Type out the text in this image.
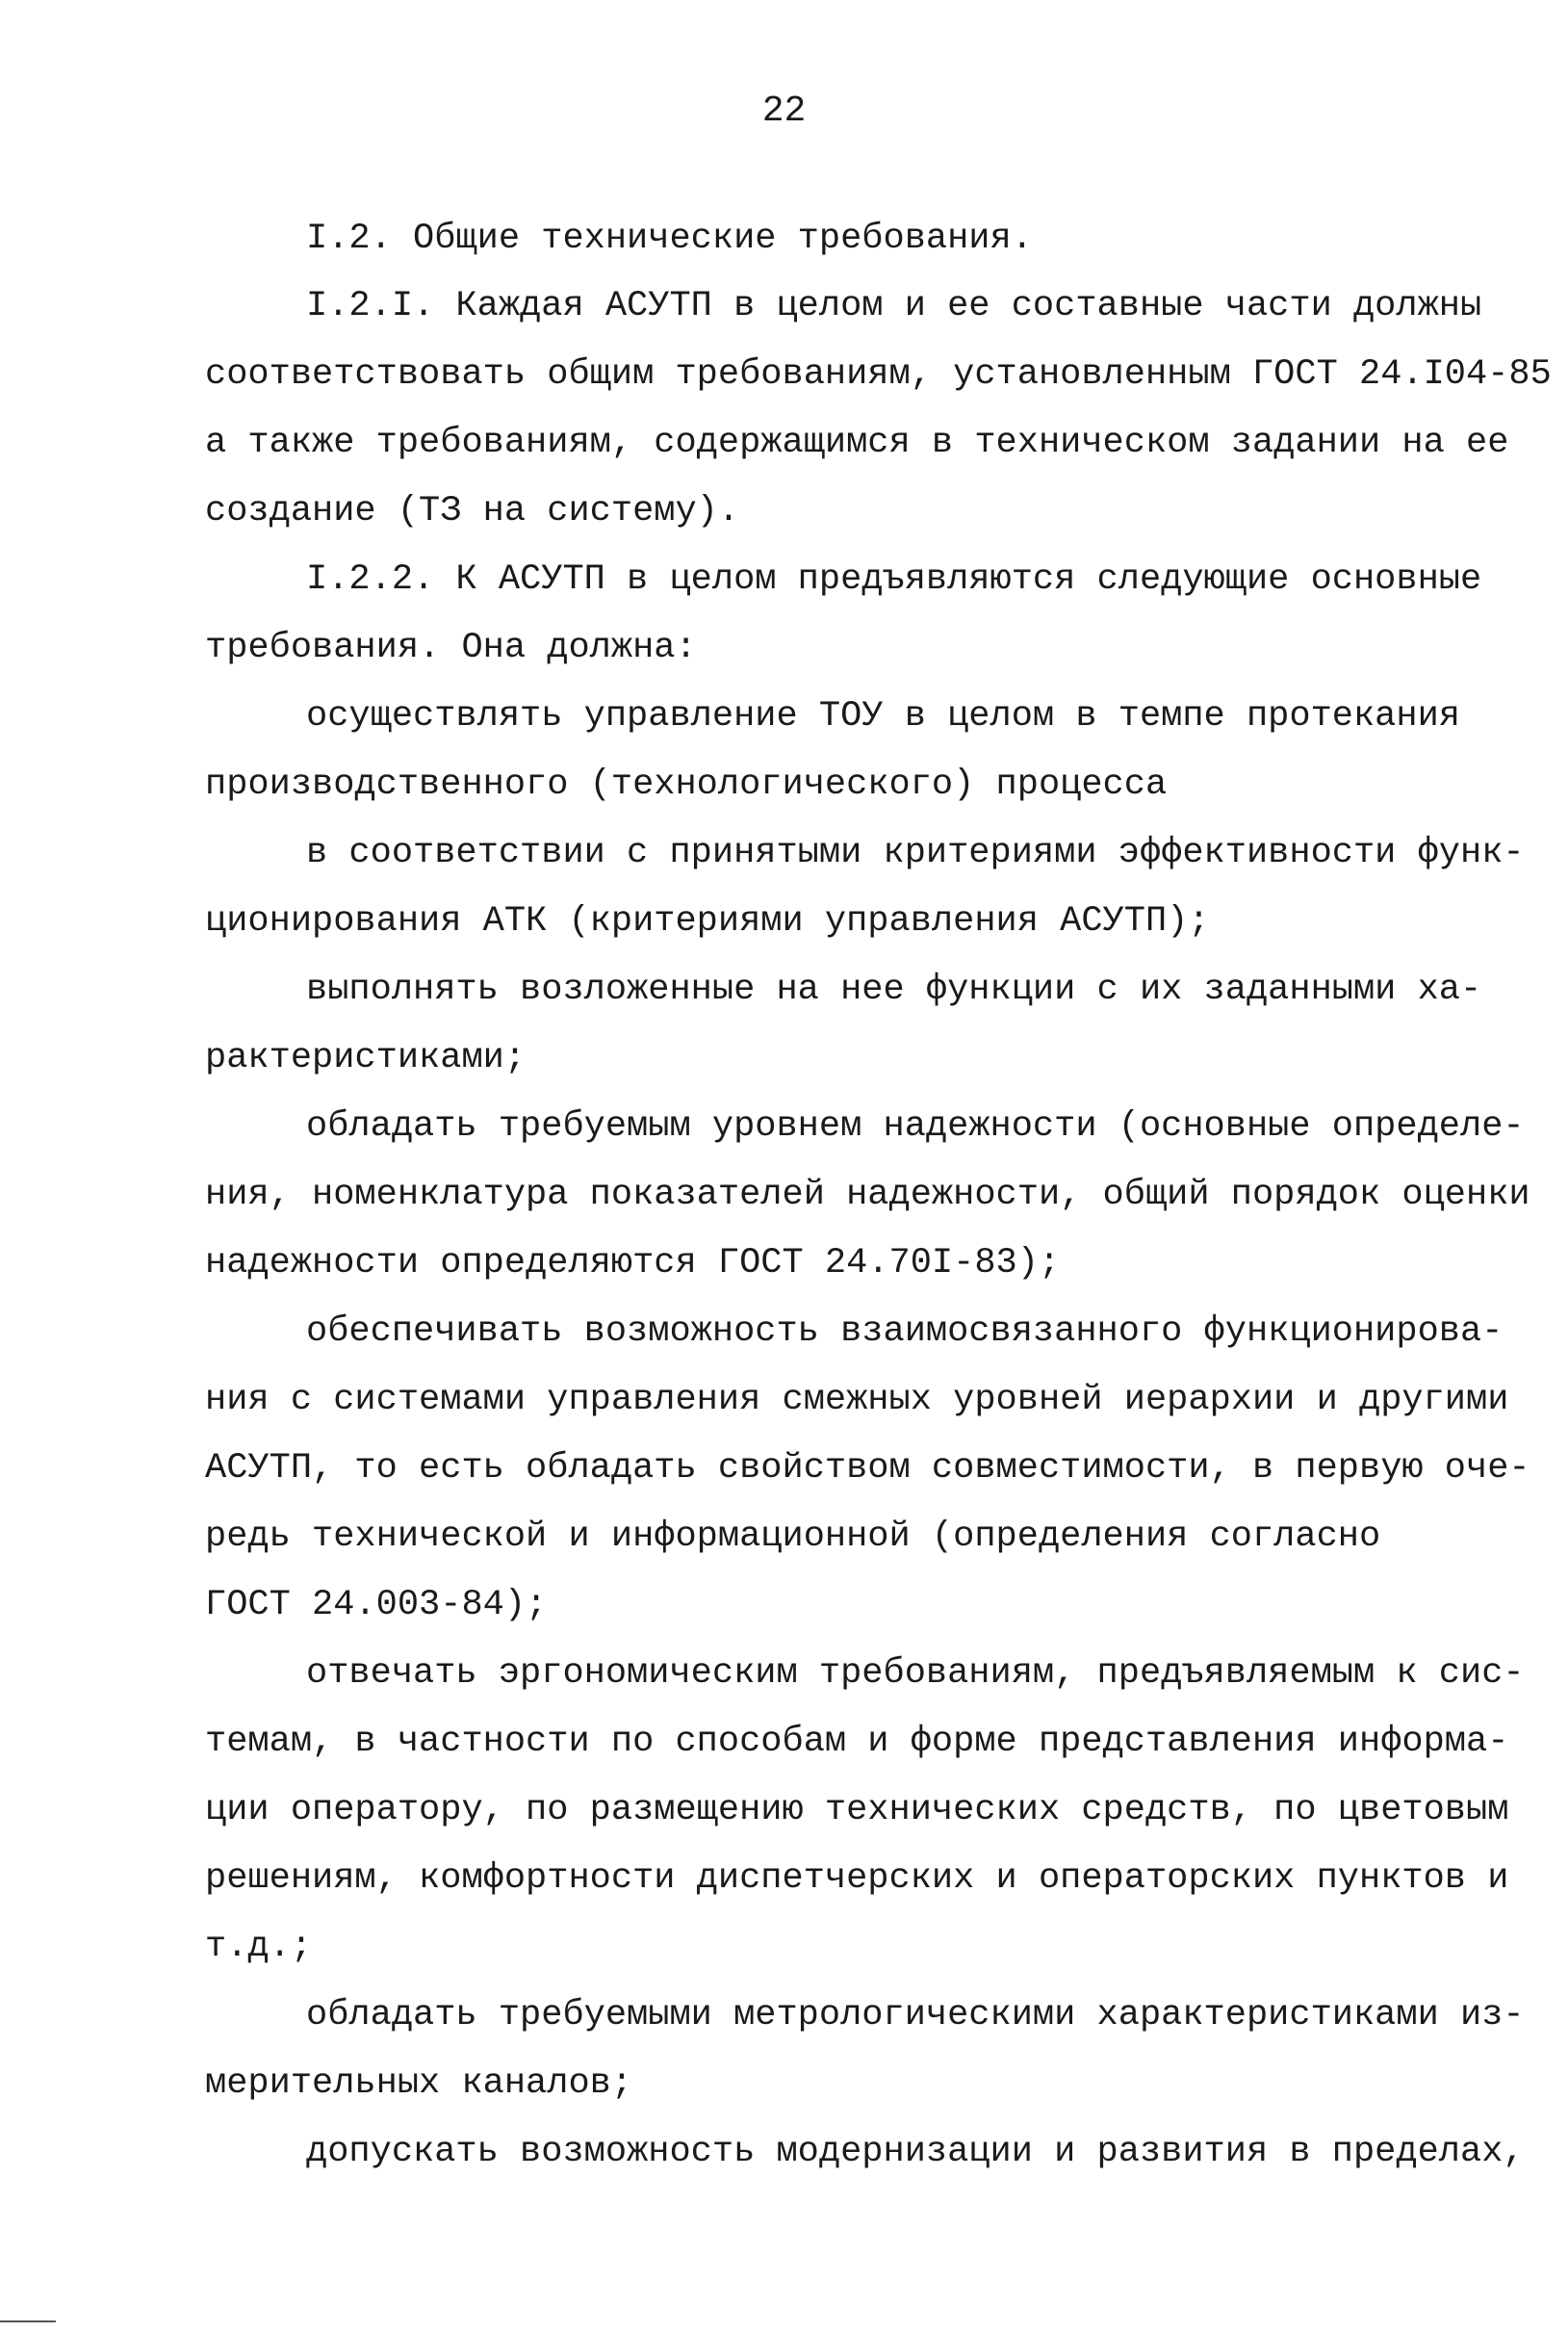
22
I.2. Общие технические требования.
I.2.I. Каждая АСУТП в целом и ее составные части должны
соответствовать общим требованиям, установленным ГОСТ 24.I04-85
а также требованиям, содержащимся в техническом задании на ее
создание (ТЗ на систему).
I.2.2. К АСУТП в целом предъявляются следующие основные
требования. Она должна:
осуществлять управление ТОУ в целом в темпе протекания
производственного (технологического) процесса
в соответствии с принятыми критериями эффективности функ-
ционирования АТК (критериями управления АСУТП);
выполнять возложенные на нее функции с их заданными ха-
рактеристиками;
обладать требуемым уровнем надежности (основные определе-
ния, номенклатура показателей надежности, общий порядок оценки
надежности определяются ГОСТ 24.70I-83);
обеспечивать возможность взаимосвязанного функционирова-
ния с системами управления смежных уровней иерархии и другими
АСУТП, то есть обладать свойством совместимости, в первую оче-
редь технической и информационной (определения согласно
ГОСТ 24.003-84);
отвечать эргономическим требованиям, предъявляемым к сис-
темам, в частности по способам и форме представления информа-
ции оператору, по размещению технических средств, по цветовым
решениям, комфортности диспетчерских и операторских пунктов и
т.д.;
обладать требуемыми метрологическими характеристиками из-
мерительных каналов;
допускать возможность модернизации и развития в пределах,
